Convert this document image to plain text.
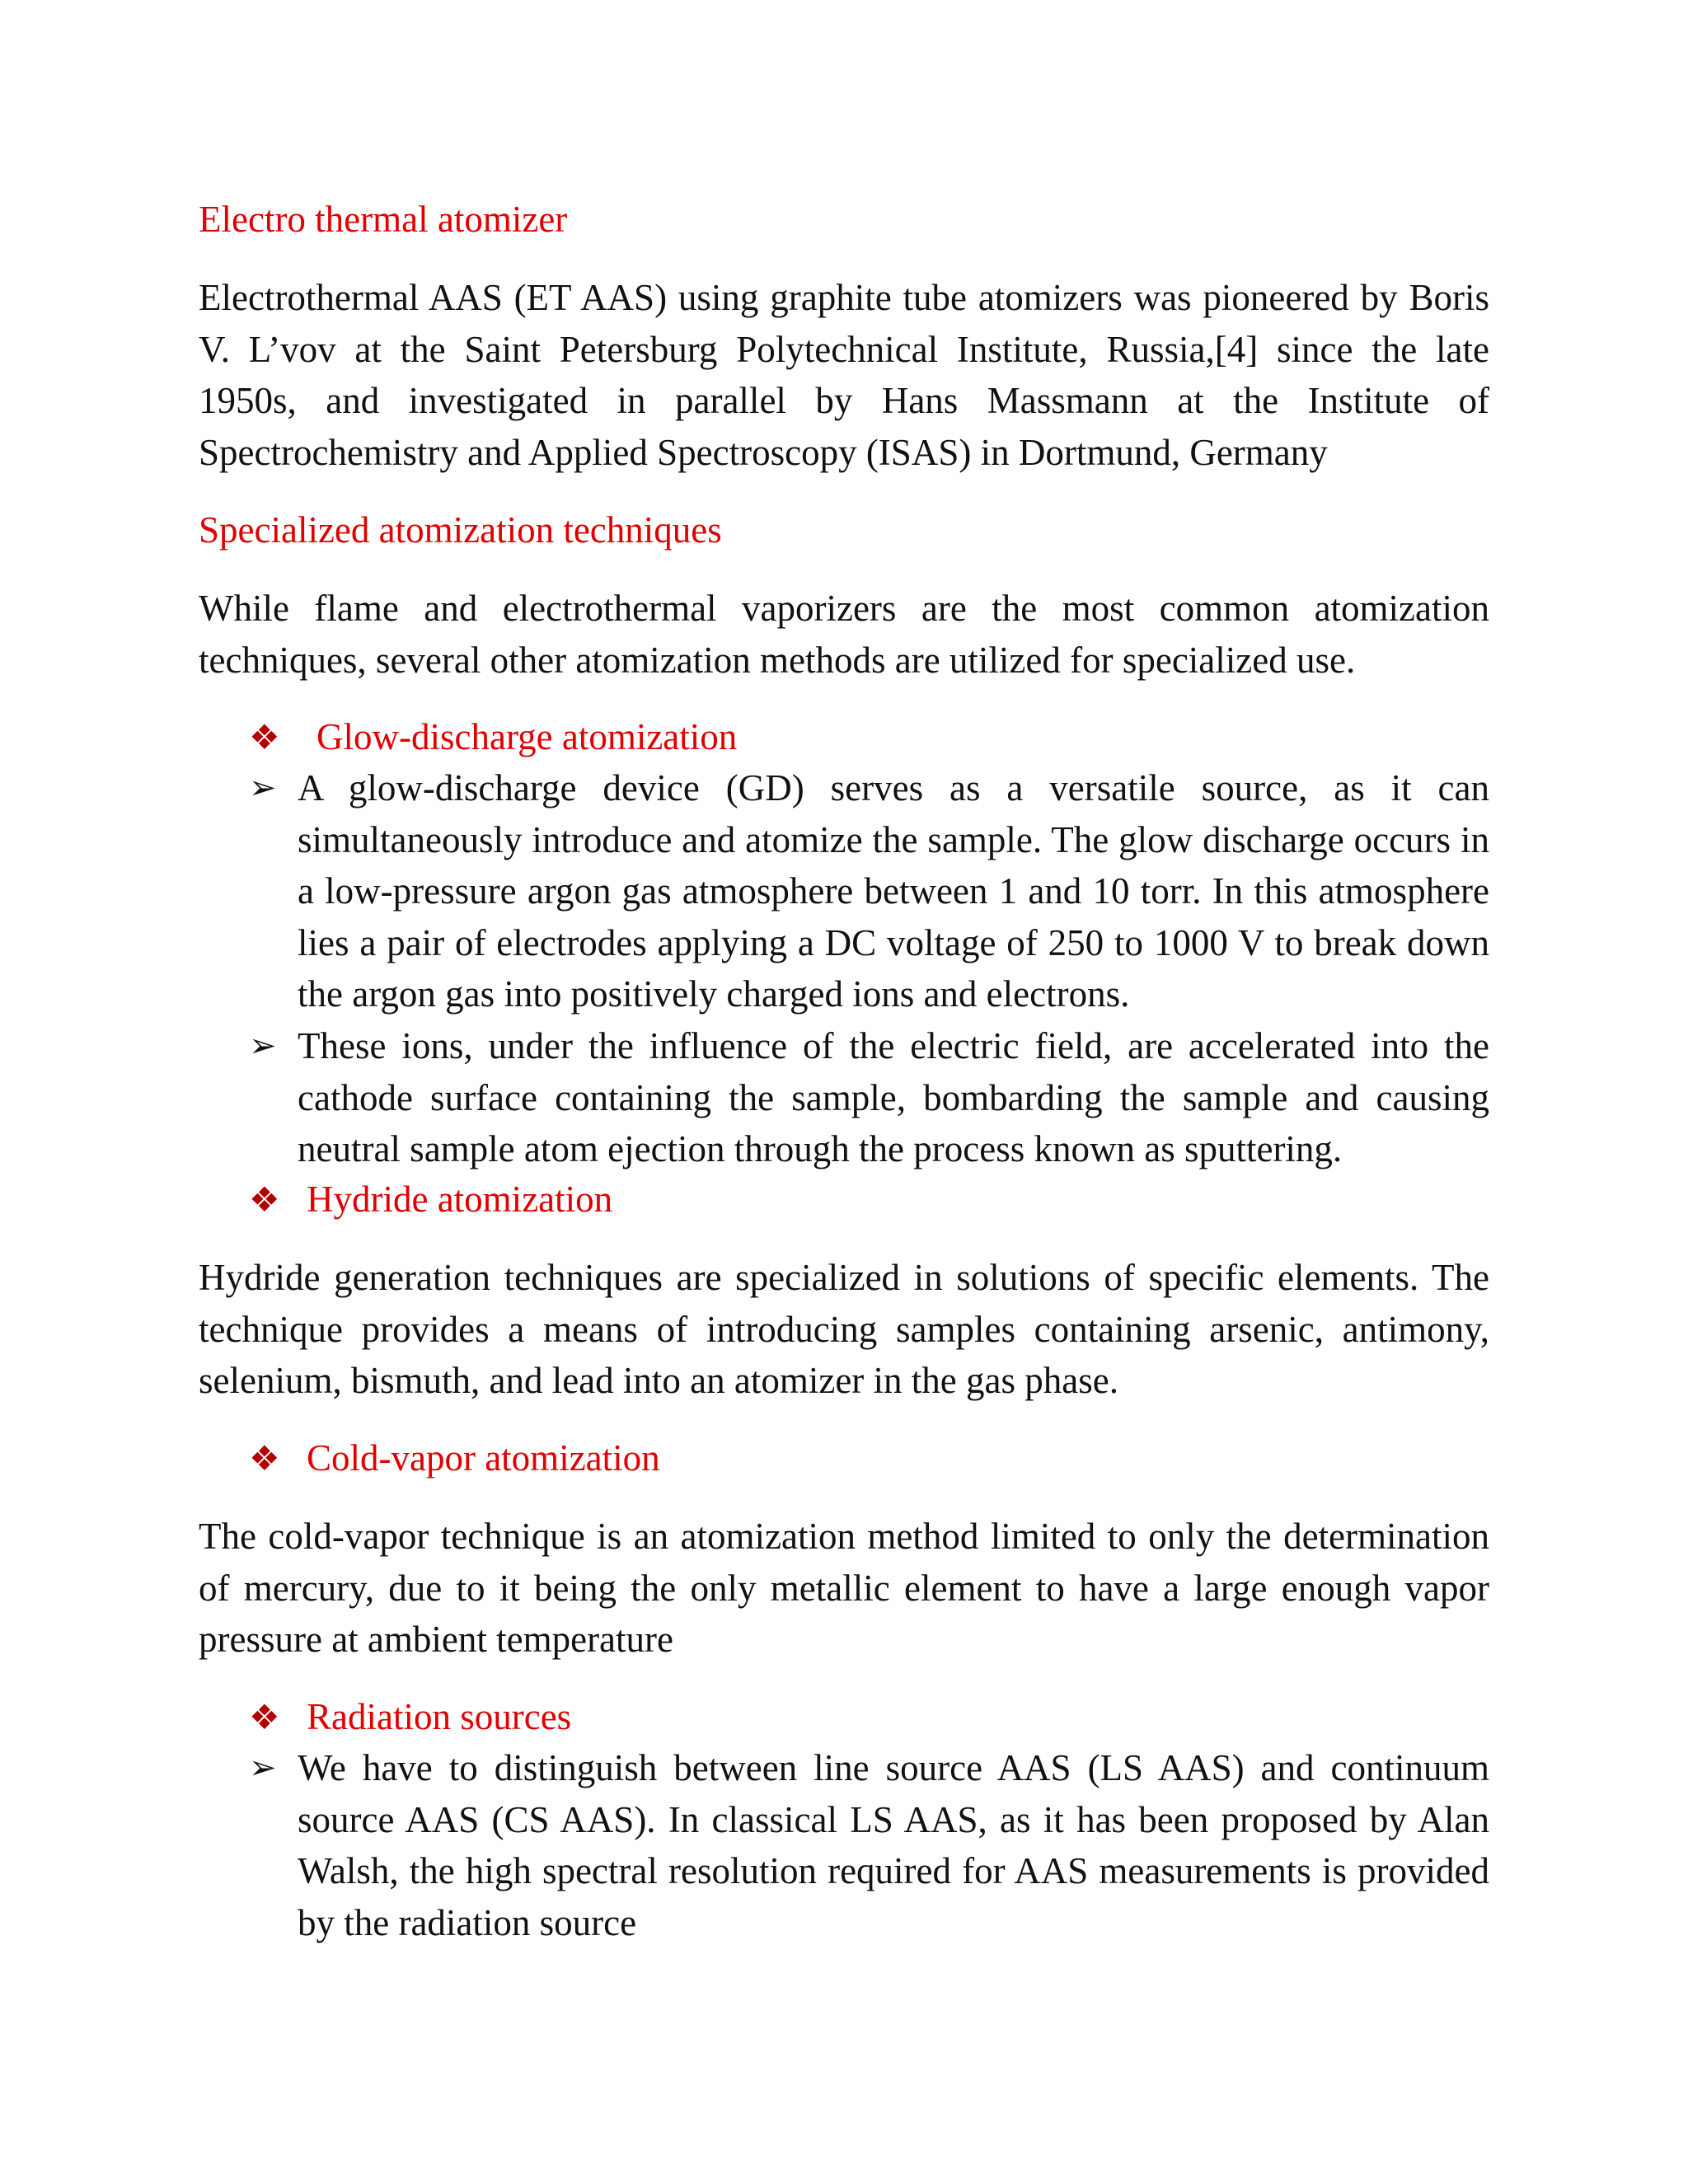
Electro thermal atomizer

Electrothermal AAS (ET AAS) using graphite tube atomizers was pioneered by Boris V. L’vov at the Saint Petersburg Polytechnical Institute, Russia,[4] since the late 1950s, and investigated in parallel by Hans Massmann at the Institute of Spectrochemistry and Applied Spectroscopy (ISAS) in Dortmund, Germany

Specialized atomization techniques

While flame and electrothermal vaporizers are the most common atomization techniques, several other atomization methods are utilized for specialized use.

❖ Glow-discharge atomization
➢ A glow-discharge device (GD) serves as a versatile source, as it can simultaneously introduce and atomize the sample. The glow discharge occurs in a low-pressure argon gas atmosphere between 1 and 10 torr. In this atmosphere lies a pair of electrodes applying a DC voltage of 250 to 1000 V to break down the argon gas into positively charged ions and electrons.
➢ These ions, under the influence of the electric field, are accelerated into the cathode surface containing the sample, bombarding the sample and causing neutral sample atom ejection through the process known as sputtering.
❖ Hydride atomization

Hydride generation techniques are specialized in solutions of specific elements. The technique provides a means of introducing samples containing arsenic, antimony, selenium, bismuth, and lead into an atomizer in the gas phase.

❖ Cold-vapor atomization

The cold-vapor technique is an atomization method limited to only the determination of mercury, due to it being the only metallic element to have a large enough vapor pressure at ambient temperature

❖ Radiation sources
➢ We have to distinguish between line source AAS (LS AAS) and continuum source AAS (CS AAS). In classical LS AAS, as it has been proposed by Alan Walsh, the high spectral resolution required for AAS measurements is provided by the radiation source
